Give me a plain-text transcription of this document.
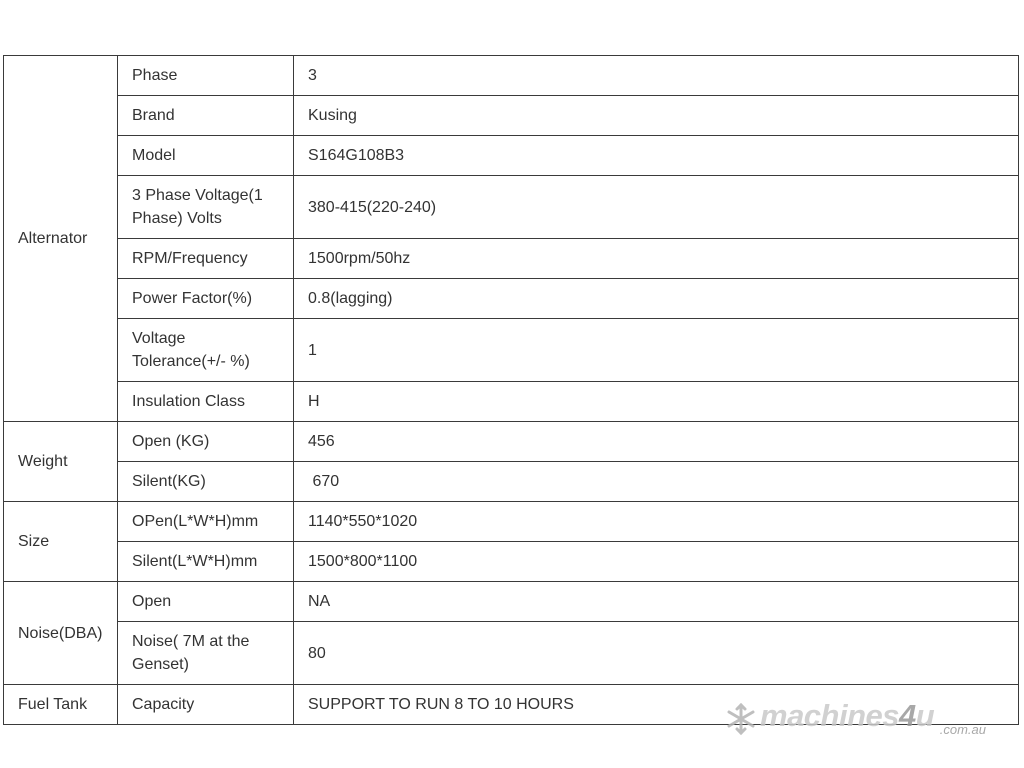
Alternator	Phase	3
	Brand	Kusing
	Model	S164G108B3
	3 Phase Voltage(1 Phase) Volts	380-415(220-240)
	RPM/Frequency	1500rpm/50hz
	Power Factor(%)	0.8(lagging)
	Voltage Tolerance(+/- %)	1
	Insulation Class	H
Weight	Open (KG)	456
	Silent(KG)	670
Size	OPen(L*W*H)mm	1140*550*1020
	Silent(L*W*H)mm	1500*800*1100
Noise(DBA)	Open	NA
	Noise( 7M at the Genset)	80
Fuel Tank	Capacity	SUPPORT TO RUN 8 TO 10 HOURS	machines4u .com.au
